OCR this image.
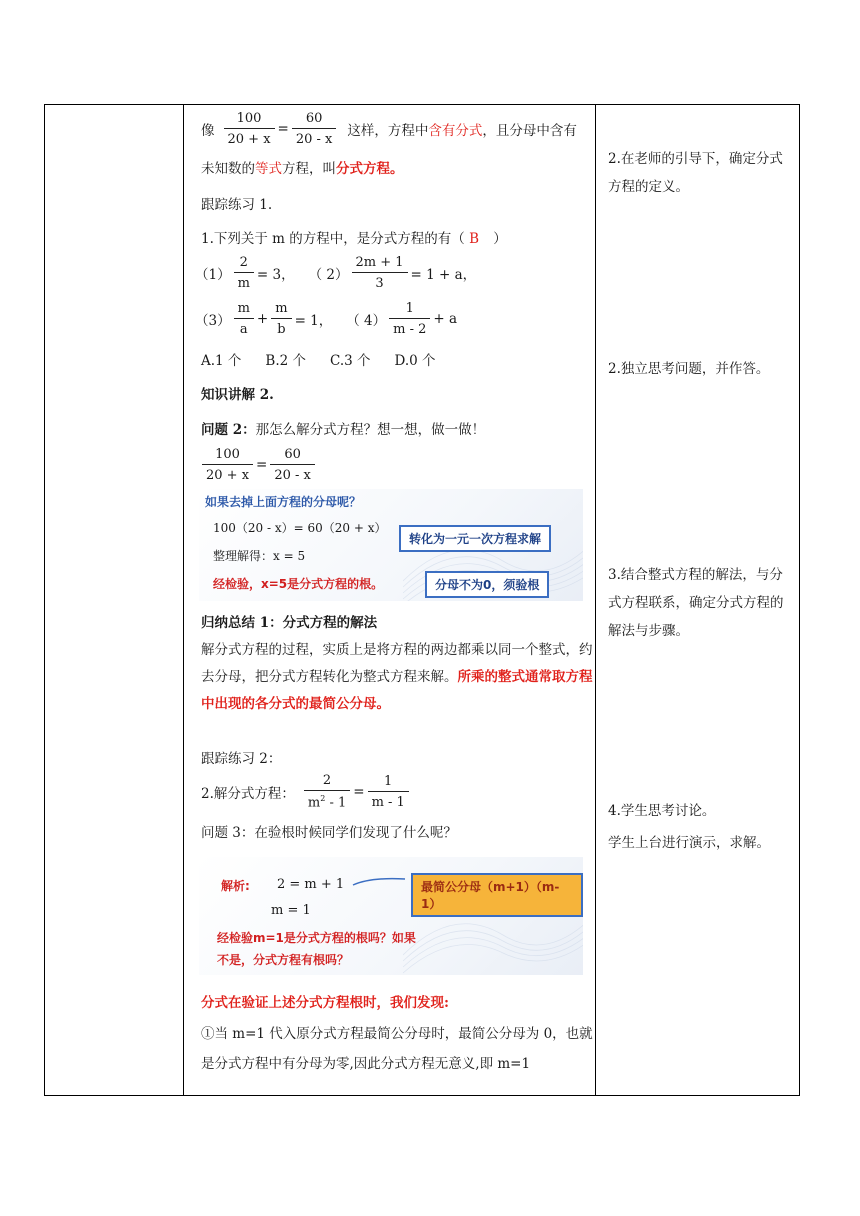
像 $\frac{100}{20 + x} = \frac{60}{20 - x}$ 这样，方程中 含有分式 ，且分母中含有
未知数的等式方程，叫分式方程。
跟踪练习 1.
1.下列关于 m 的方程中，是分式方程的有（ B ）
$(1) \frac{2}{m} = 3$， （ $2) \frac{2m + 1}{3} = 1 + a$，
$(3) \frac{m}{a} + \frac{m}{b} = 1$， （ $4) \frac{1}{m - 2} + a$
A.1 个 B.2 个 C.3 个 D.0 个
知识讲解 2.
问题 2：那怎么解分式方程？想一想，做一做！
$\frac{100}{20 + x} = \frac{60}{20 - x}$
如果去掉上面方程的分母呢？
100（20 - x）= 60（20 + x）
整理解得：x = 5
经检验，x=5是分式方程的根。
转化为一元一次方程求解
分母不为0，须验根
归纳总结 1：分式方程的解法
解分式方程的过程，实质上是将方程的两边都乘以同一个整式，约去分母，把分式方程转化为整式方程来解。所乘的整式通常取方程中出现的各分式的最简公分母。
跟踪练习 2：
2.解分式方程： $\frac{2}{m^2 - 1} = \frac{1}{m - 1}$
问题 3：在验根时候同学们发现了什么呢？
解析: 2 = m + 1
m = 1
最简公分母（m+1）（m-1）
经检验m=1是分式方程的根吗？如果
不是，分式方程有根吗？
分式在验证上述分式方程根时，我们发现:
①当 m=1 代入原分式方程最简公分母时，最简公分母为 0，也就是分式方程中有分母为零,因此分式方程无意义,即 m=1
2.在老师的引导下，确定分式方程的定义。
2.独立思考问题，并作答。
3.结合整式方程的解法，与分式方程联系，确定分式方程的解法与步骤。
4.学生思考讨论。
学生上台进行演示，求解。
